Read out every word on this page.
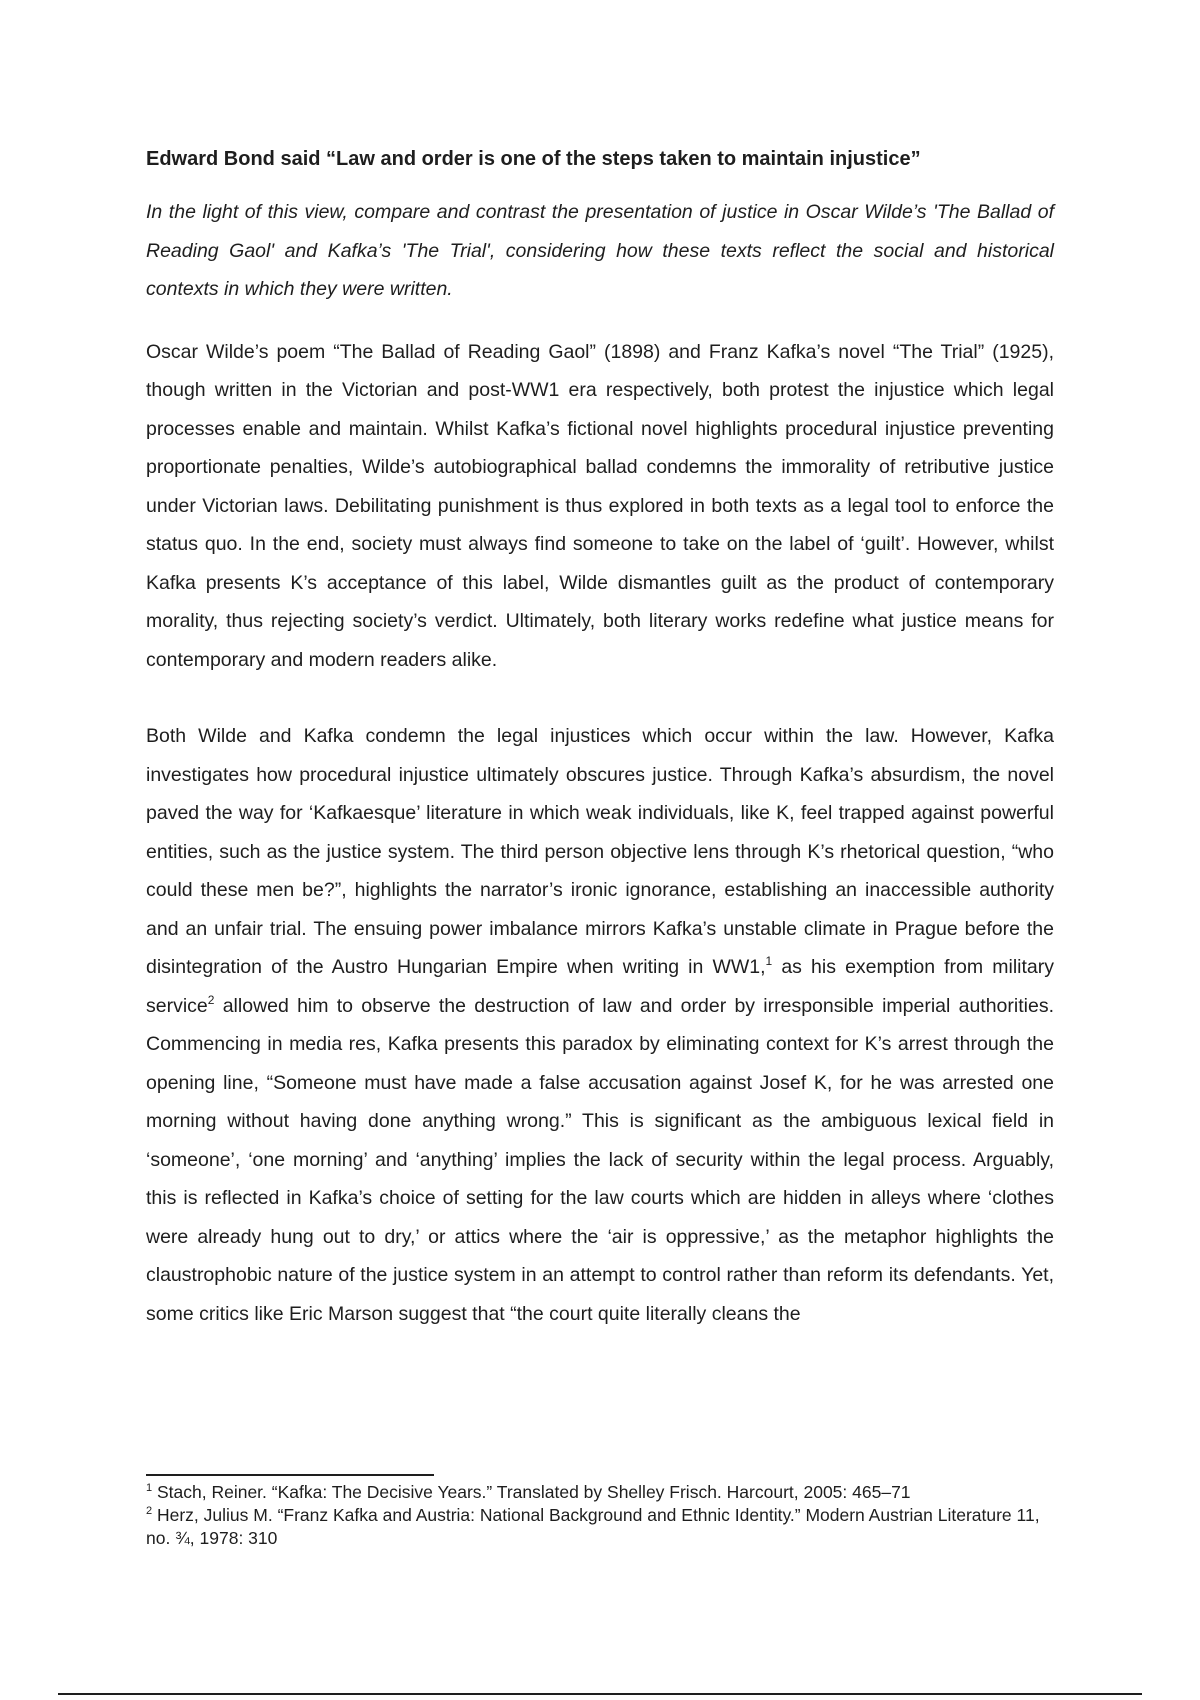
Edward Bond said “Law and order is one of the steps taken to maintain injustice”

In the light of this view, compare and contrast the presentation of justice in Oscar Wilde’s 'The Ballad of Reading Gaol' and Kafka’s 'The Trial', considering how these texts reflect the social and historical contexts in which they were written.

Oscar Wilde’s poem “The Ballad of Reading Gaol” (1898) and Franz Kafka’s novel “The Trial” (1925), though written in the Victorian and post-WW1 era respectively, both protest the injustice which legal processes enable and maintain. Whilst Kafka’s fictional novel highlights procedural injustice preventing proportionate penalties, Wilde’s autobiographical ballad condemns the immorality of retributive justice under Victorian laws. Debilitating punishment is thus explored in both texts as a legal tool to enforce the status quo. In the end, society must always find someone to take on the label of ‘guilt’. However, whilst Kafka presents K’s acceptance of this label, Wilde dismantles guilt as the product of contemporary morality, thus rejecting society’s verdict. Ultimately, both literary works redefine what justice means for contemporary and modern readers alike.

Both Wilde and Kafka condemn the legal injustices which occur within the law. However, Kafka investigates how procedural injustice ultimately obscures justice. Through Kafka’s absurdism, the novel paved the way for ‘Kafkaesque’ literature in which weak individuals, like K, feel trapped against powerful entities, such as the justice system. The third person objective lens through K’s rhetorical question, “who could these men be?”, highlights the narrator’s ironic ignorance, establishing an inaccessible authority and an unfair trial. The ensuing power imbalance mirrors Kafka’s unstable climate in Prague before the disintegration of the Austro Hungarian Empire when writing in WW1,$^1$ as his exemption from military service$^2$ allowed him to observe the destruction of law and order by irresponsible imperial authorities. Commencing in media res, Kafka presents this paradox by eliminating context for K’s arrest through the opening line, “Someone must have made a false accusation against Josef K, for he was arrested one morning without having done anything wrong.” This is significant as the ambiguous lexical field in ‘someone’, ‘one morning’ and ‘anything’ implies the lack of security within the legal process. Arguably, this is reflected in Kafka’s choice of setting for the law courts which are hidden in alleys where ‘clothes were already hung out to dry,’ or attics where the ‘air is oppressive,’ as the metaphor highlights the claustrophobic nature of the justice system in an attempt to control rather than reform its defendants. Yet, some critics like Eric Marson suggest that “the court quite literally cleans the

$^1$ Stach, Reiner. “Kafka: The Decisive Years.” Translated by Shelley Frisch. Harcourt, 2005: 465–71

$^2$ Herz, Julius M. “Franz Kafka and Austria: National Background and Ethnic Identity.” Modern Austrian Literature 11, no. ¾, 1978: 310
